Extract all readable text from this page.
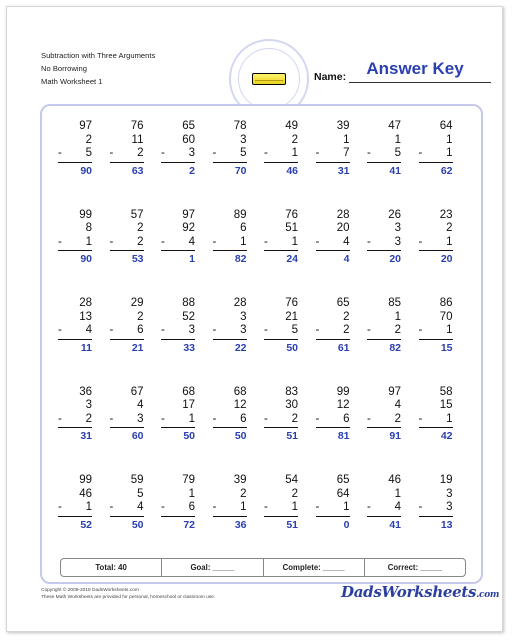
Subtraction with Three Arguments
No Borrowing
Math Worksheet 1	Name:	Answer Key
97
2
-	5
90
76
11
-	2
63
65
60
-	3
2
78
3
-	5
70
49
2
-	1
46
39
1
-	7
31
47
1
-	5
41
64
1
-	1
62
99
8
-	1
90
57
2
-	2
53
97
92
-	4
1
89
6
-	1
82
76
51
-	1
24
28
20
-	4
4
26
3
-	3
20
23
2
-	1
20
28
13
-	4
11
29
2
-	6
21
88
52
-	3
33
28
3
-	3
22
76
21
-	5
50
65
2
-	2
61
85
1
-	2
82
86
70
-	1
15
36
3
-	2
31
67
4
-	3
60
68
17
-	1
50
68
12
-	6
50
83
30
-	2
51
99
12
-	6
81
97
4
-	2
91
58
15
-	1
42
99
46
-	1
52
59
5
-	4
50
79
1
-	6
72
39
2
-	1
36
54
2
-	1
51
65
64
-	1
0
46
1
-	4
41
19
3
-	3
13
Total: 40	Goal: _____	Complete: _____	Correct: _____
Copyright © 2008-2018 DadsWorksheets.com
These Math Worksheets are provided for personal, homeschool or classroom use.	DadsWorksheets.com
